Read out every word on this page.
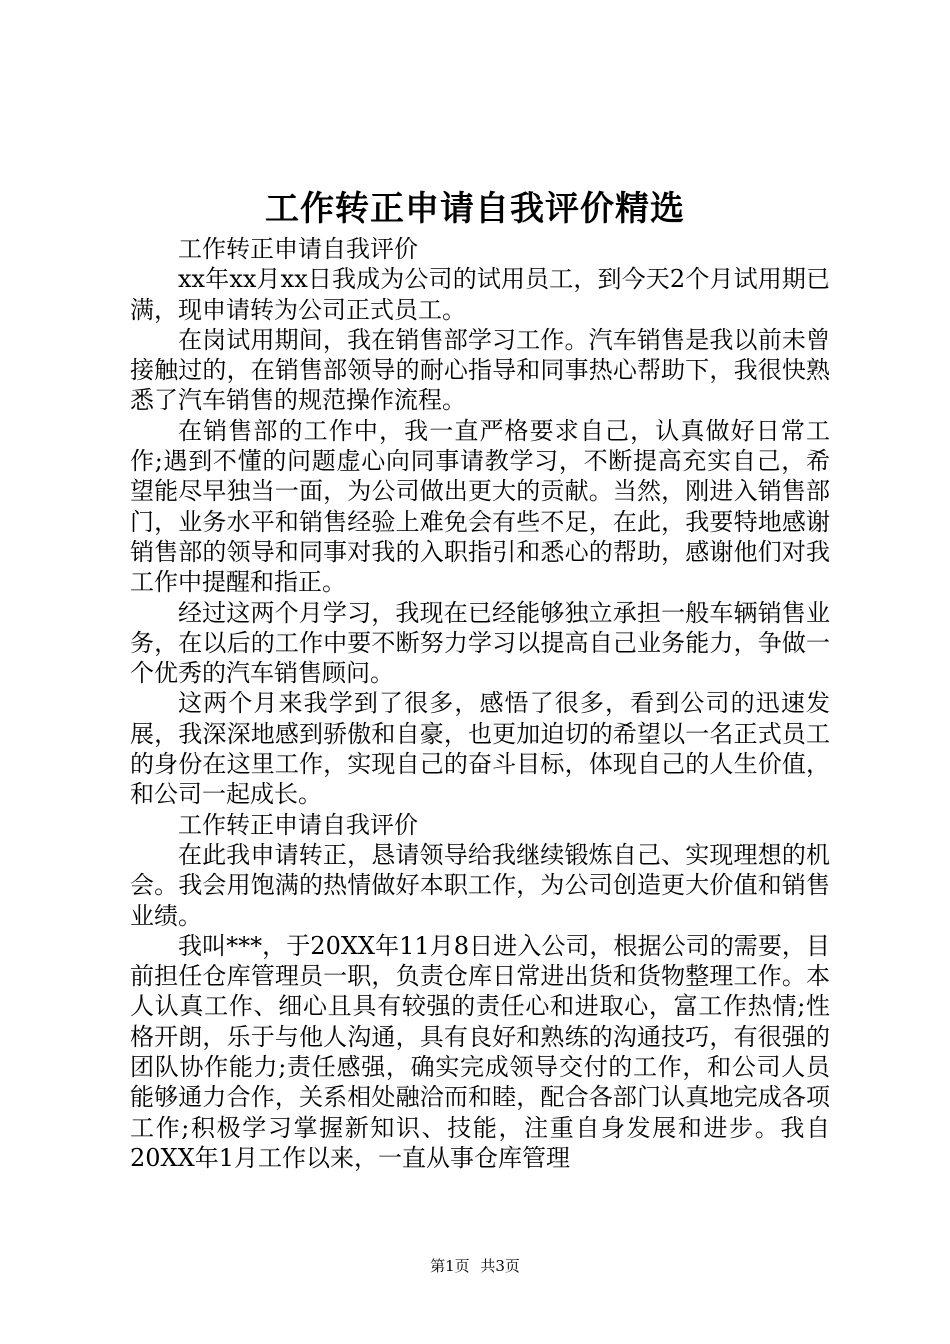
工作转正申请自我评价精选

工作转正申请自我评价

xx年xx月xx日我成为公司的试用员工，到今天2个月试用期已满，现申请转为公司正式员工。

在岗试用期间，我在销售部学习工作。汽车销售是我以前未曾接触过的，在销售部领导的耐心指导和同事热心帮助下，我很快熟悉了汽车销售的规范操作流程。

在销售部的工作中，我一直严格要求自己，认真做好日常工作;遇到不懂的问题虚心向同事请教学习，不断提高充实自己，希望能尽早独当一面，为公司做出更大的贡献。当然，刚进入销售部门，业务水平和销售经验上难免会有些不足，在此，我要特地感谢销售部的领导和同事对我的入职指引和悉心的帮助，感谢他们对我工作中提醒和指正。

经过这两个月学习，我现在已经能够独立承担一般车辆销售业务，在以后的工作中要不断努力学习以提高自己业务能力，争做一个优秀的汽车销售顾问。

这两个月来我学到了很多，感悟了很多，看到公司的迅速发展，我深深地感到骄傲和自豪，也更加迫切的希望以一名正式员工的身份在这里工作，实现自己的奋斗目标，体现自己的人生价值，和公司一起成长。

工作转正申请自我评价

在此我申请转正，恳请领导给我继续锻炼自己、实现理想的机会。我会用饱满的热情做好本职工作，为公司创造更大价值和销售业绩。

我叫***，于20XX年11月8日进入公司，根据公司的需要，目前担任仓库管理员一职，负责仓库日常进出货和货物整理工作。本人认真工作、细心且具有较强的责任心和进取心，富工作热情;性格开朗，乐于与他人沟通，具有良好和熟练的沟通技巧，有很强的团队协作能力;责任感强，确实完成领导交付的工作，和公司人员能够通力合作，关系相处融洽而和睦，配合各部门认真地完成各项工作;积极学习掌握新知识、技能，注重自身发展和进步。我自20XX年1月工作以来，一直从事仓库管理

第1页 共3页
